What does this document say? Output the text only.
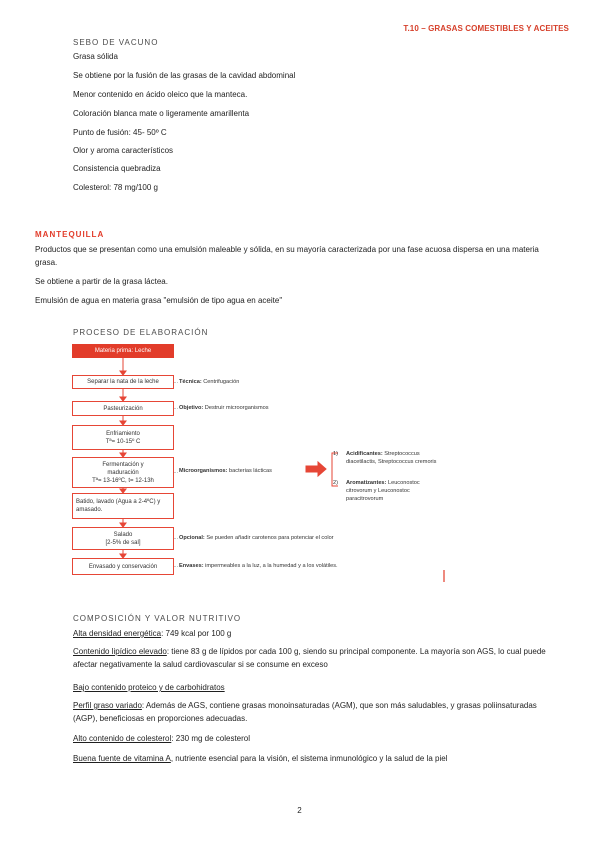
T.10 – GRASAS COMESTIBLES Y ACEITES
SEBO DE VACUNO
Grasa sólida
Se obtiene por la fusión de las grasas de la cavidad abdominal
Menor contenido en ácido oleico que la manteca.
Coloración blanca mate o ligeramente amarillenta
Punto de fusión: 45- 50º C
Olor y aroma característicos
Consistencia quebradiza
Colesterol: 78 mg/100 g
MANTEQUILLA
Productos que se presentan como una emulsión maleable y sólida, en su mayoría caracterizada por una fase acuosa dispersa en una materia grasa.
Se obtiene a partir de la grasa láctea.
Emulsión de agua en materia grasa "emulsión de tipo agua en aceite"
PROCESO DE ELABORACIÓN
Materia prima: Leche
Separar la nata de la leche
Pasteurización
Enfriamiento
Tª= 10-15º C
Fermentación y maduración
Tª= 13-16ºC, t= 12-13h
Batido, lavado (Agua a 2-4ºC) y amasado.
Salado
[2-5% de sal]
Envasado y conservación
Técnica: Centrifugación
Objetivo: Destruir microorganismos
Microorganismos: bacterias lácticas
Opcional: Se pueden añadir carotenos para potenciar el color
Envases: impermeables a la luz, a la humedad y a los volátiles.
1)	Acidificantes: Streptococcus diacetilactis, Streptococcus cremoris
2)	Aromatizantes: Leuconostoc citrovorum y Leuconostoc paracitrovorum
COMPOSICIÓN Y VALOR NUTRITIVO
Alta densidad energética: 749 kcal por 100 g
Contenido lipídico elevado: tiene 83 g de lípidos por cada 100 g, siendo su principal componente. La mayoría son AGS, lo cual puede afectar negativamente la salud cardiovascular si se consume en exceso
Bajo contenido proteico y de carbohidratos
Perfil graso variado: Además de AGS, contiene grasas monoinsaturadas (AGM), que son más saludables, y grasas poliinsaturadas (AGP), beneficiosas en proporciones adecuadas.
Alto contenido de colesterol: 230 mg de colesterol
Buena fuente de vitamina A, nutriente esencial para la visión, el sistema inmunológico y la salud de la piel
2
